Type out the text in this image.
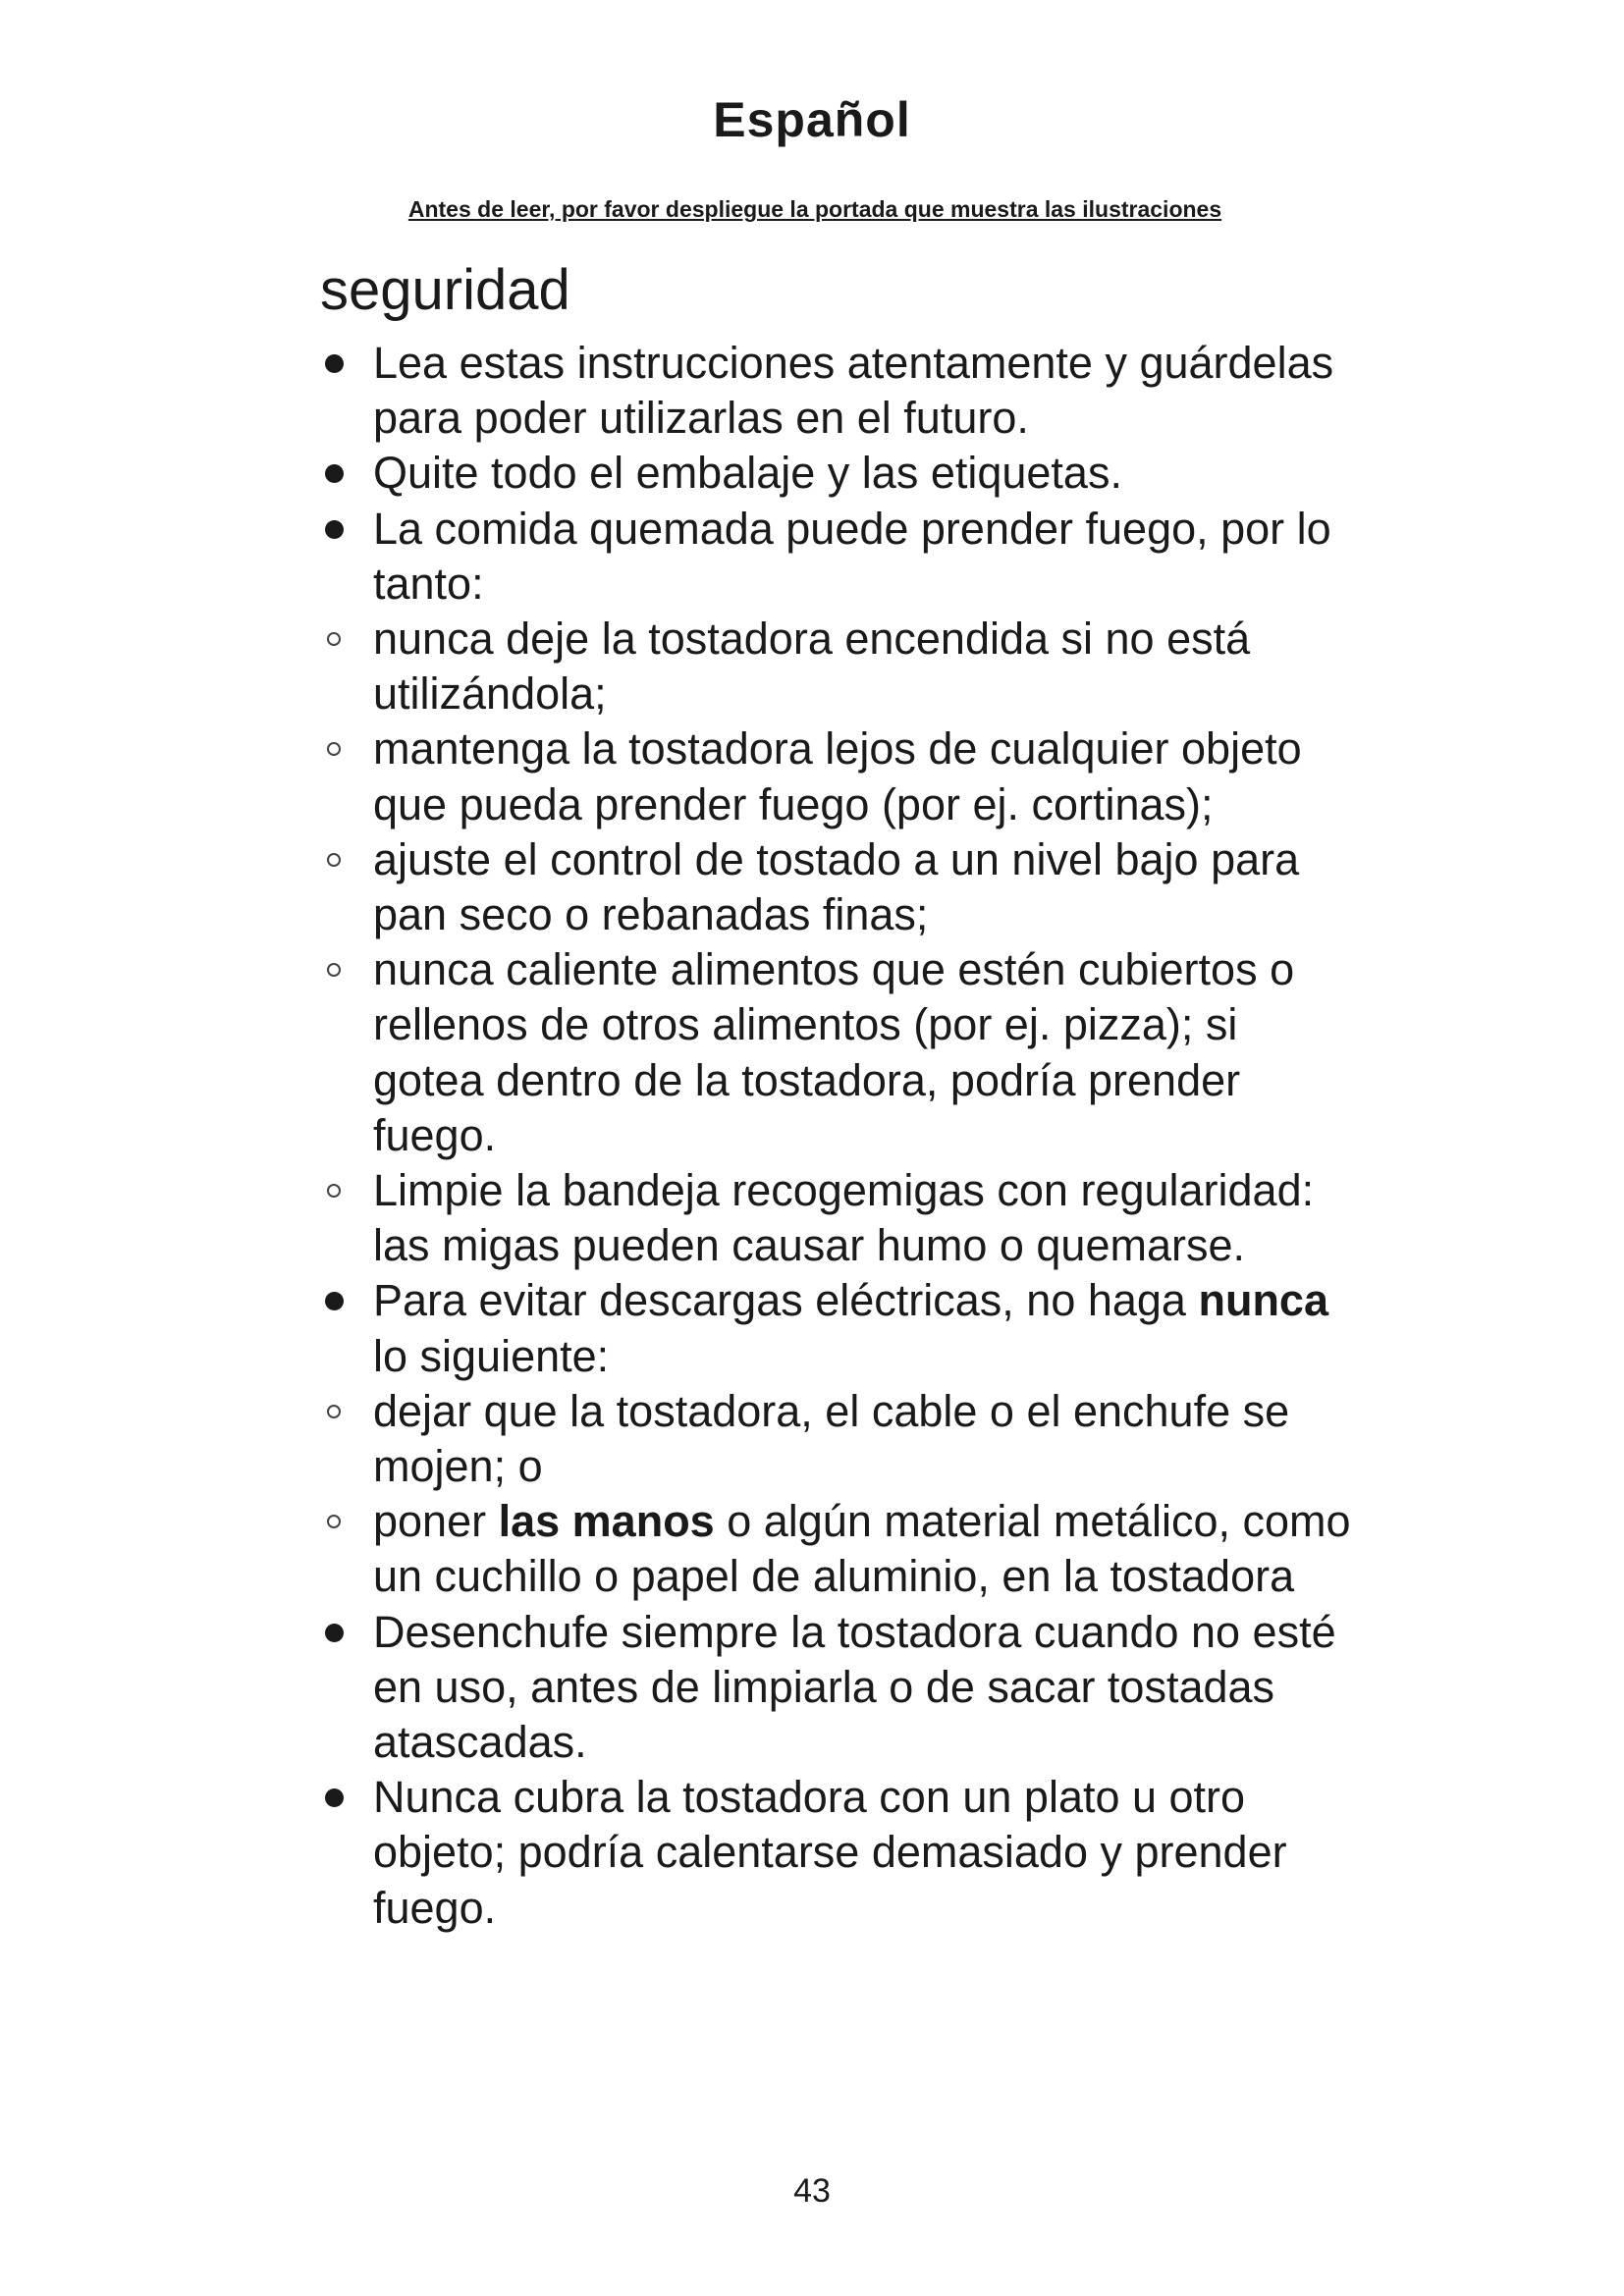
Español
Antes de leer, por favor despliegue la portada que muestra las ilustraciones
seguridad
Lea estas instrucciones atentamente y guárdelas para poder utilizarlas en el futuro.
Quite todo el embalaje y las etiquetas.
La comida quemada puede prender fuego, por lo tanto:
nunca deje la tostadora encendida si no está utilizándola;
mantenga la tostadora lejos de cualquier objeto que pueda prender fuego (por ej. cortinas);
ajuste el control de tostado a un nivel bajo para pan seco o rebanadas finas;
nunca caliente alimentos que estén cubiertos o rellenos de otros alimentos (por ej. pizza); si gotea dentro de la tostadora, podría prender fuego.
Limpie la bandeja recogemigas con regularidad: las migas pueden causar humo o quemarse.
Para evitar descargas eléctricas, no haga nunca lo siguiente:
dejar que la tostadora, el cable o el enchufe se mojen; o
poner las manos o algún material metálico, como un cuchillo o papel de aluminio, en la tostadora
Desenchufe siempre la tostadora cuando no esté en uso, antes de limpiarla o de sacar tostadas atascadas.
Nunca cubra la tostadora con un plato u otro objeto; podría calentarse demasiado y prender fuego.
43
